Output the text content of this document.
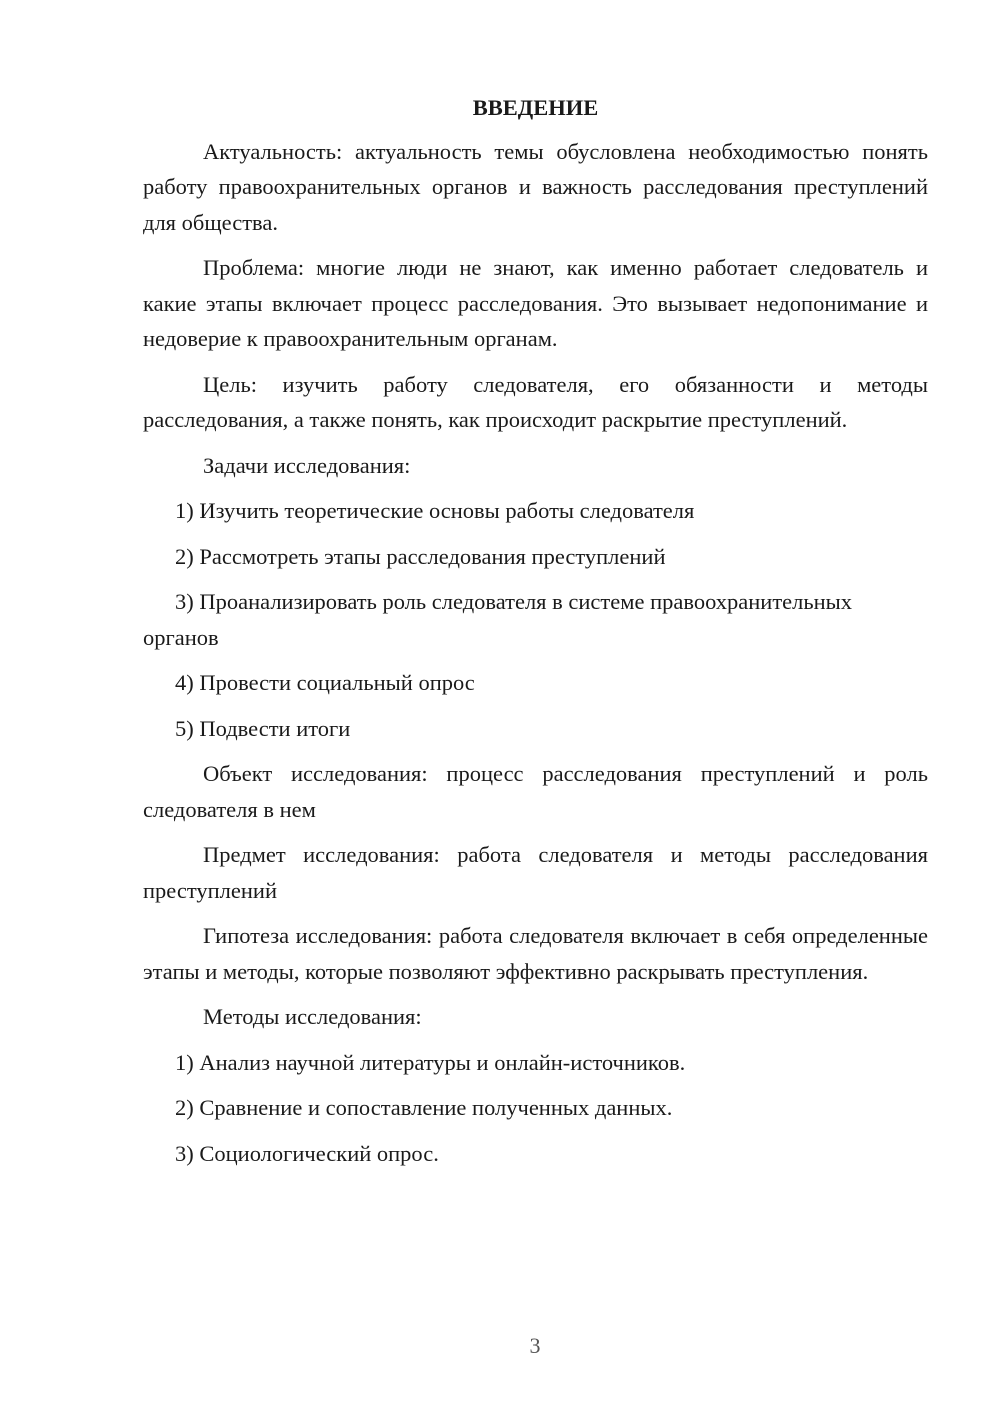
ВВЕДЕНИЕ

Актуальность: актуальность темы обусловлена необходимостью понять работу правоохранительных органов и важность расследования преступлений для общества.

Проблема: многие люди не знают, как именно работает следователь и какие этапы включает процесс расследования. Это вызывает недопонимание и недоверие к правоохранительным органам.

Цель: изучить работу следователя, его обязанности и методы расследования, а также понять, как происходит раскрытие преступлений.

Задачи исследования:

1) Изучить теоретические основы работы следователя

2) Рассмотреть этапы расследования преступлений

3) Проанализировать роль следователя в системе правоохранительных органов

4) Провести социальный опрос

5) Подвести итоги

Объект исследования: процесс расследования преступлений и роль следователя в нем

Предмет исследования: работа следователя и методы расследования преступлений

Гипотеза исследования: работа следователя включает в себя определенные этапы и методы, которые позволяют эффективно раскрывать преступления.

Методы исследования:

1) Анализ научной литературы и онлайн-источников.

2) Сравнение и сопоставление полученных данных.

3) Социологический опрос.

3
